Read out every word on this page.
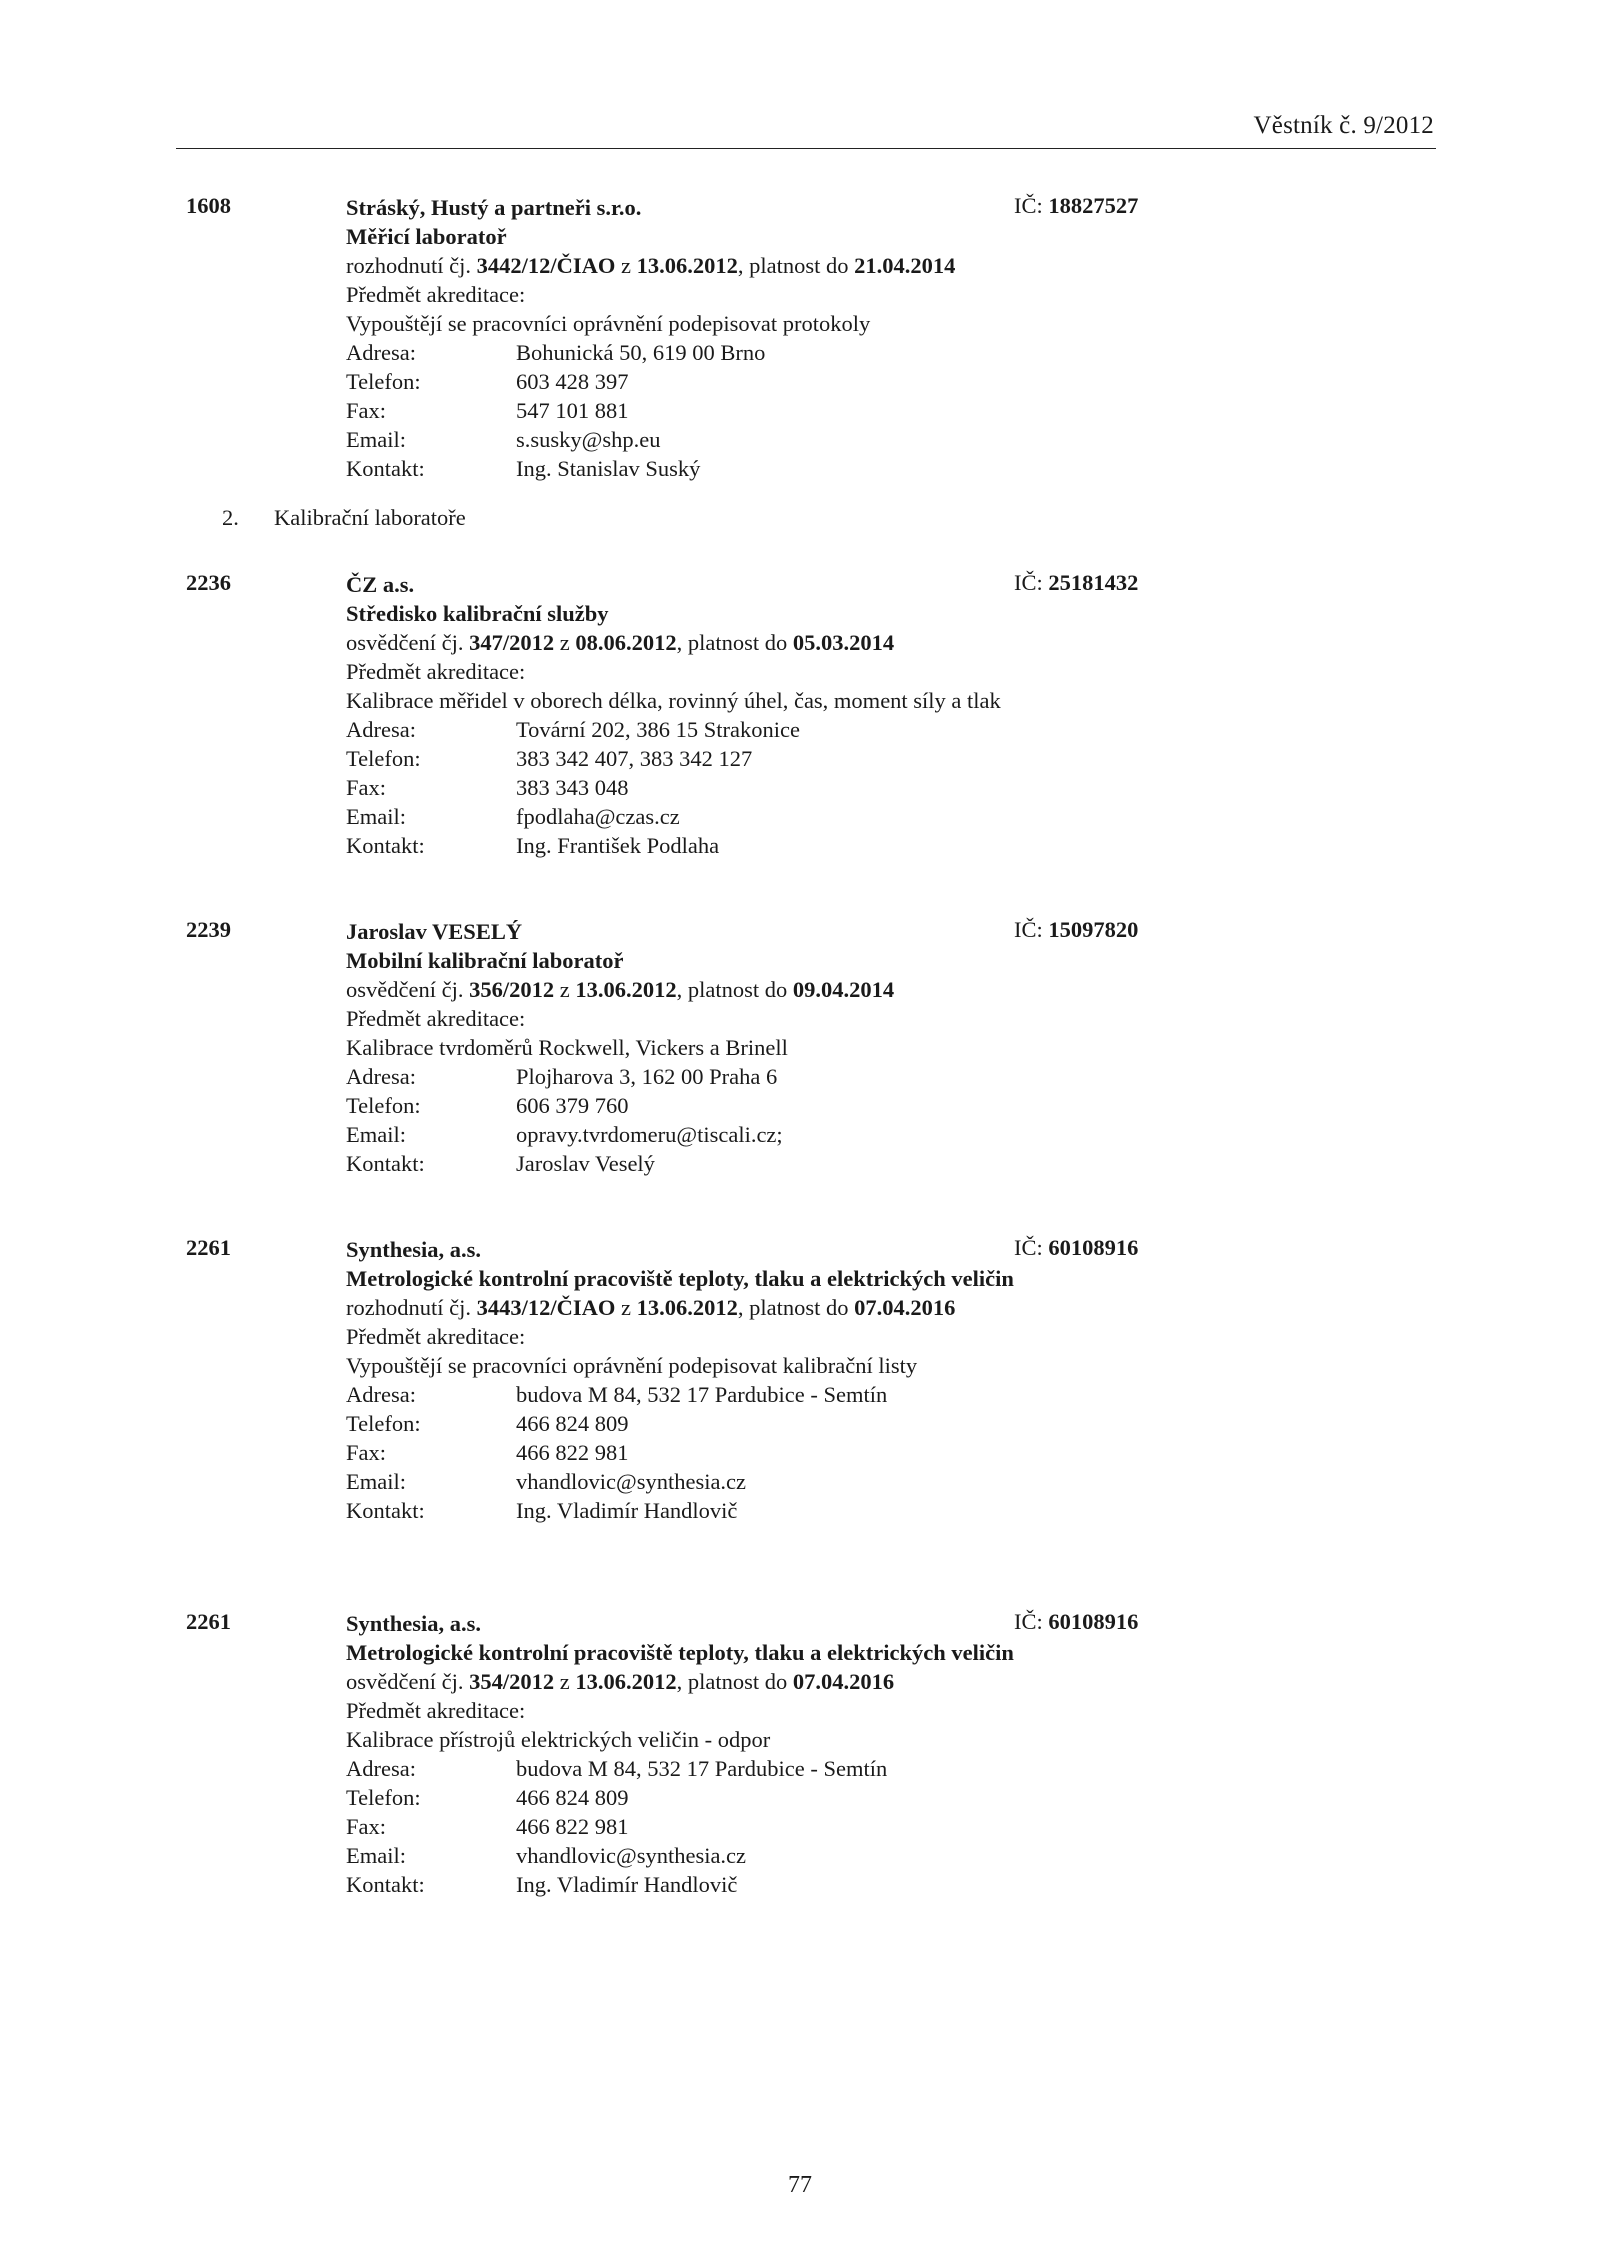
Věstník č. 9/2012
1608	IČ: 18827527
Stráský, Hustý a partneři s.r.o.
Měřicí laboratoř
rozhodnutí čj. 3442/12/ČIAO z 13.06.2012, platnost do 21.04.2014
Předmět akreditace:
Vypouštějí se pracovníci oprávnění podepisovat protokoly
Adresa:	Bohunická 50, 619 00 Brno
Telefon:	603 428 397
Fax:	547 101 881
Email:	s.susky@shp.eu
Kontakt:	Ing. Stanislav Suský
2. Kalibrační laboratoře
2236	IČ: 25181432
ČZ a.s.
Středisko kalibrační služby
osvědčení čj. 347/2012 z 08.06.2012, platnost do 05.03.2014
Předmět akreditace:
Kalibrace měřidel v oborech délka, rovinný úhel, čas, moment síly a tlak
Adresa:	Tovární 202, 386 15 Strakonice
Telefon:	383 342 407, 383 342 127
Fax:	383 343 048
Email:	fpodlaha@czas.cz
Kontakt:	Ing. František Podlaha
2239	IČ: 15097820
Jaroslav VESELÝ
Mobilní kalibrační laboratoř
osvědčení čj. 356/2012 z 13.06.2012, platnost do 09.04.2014
Předmět akreditace:
Kalibrace tvrdoměrů Rockwell, Vickers a Brinell
Adresa:	Plojharova 3, 162 00 Praha 6
Telefon:	606 379 760
Email:	opravy.tvrdomeru@tiscali.cz;
Kontakt:	Jaroslav Veselý
2261	IČ: 60108916
Synthesia, a.s.
Metrologické kontrolní pracoviště teploty, tlaku a elektrických veličin
rozhodnutí čj. 3443/12/ČIAO z 13.06.2012, platnost do 07.04.2016
Předmět akreditace:
Vypouštějí se pracovníci oprávnění podepisovat kalibrační listy
Adresa:	budova M 84, 532 17 Pardubice - Semtín
Telefon:	466 824 809
Fax:	466 822 981
Email:	vhandlovic@synthesia.cz
Kontakt:	Ing. Vladimír Handlovič
2261	IČ: 60108916
Synthesia, a.s.
Metrologické kontrolní pracoviště teploty, tlaku a elektrických veličin
osvědčení čj. 354/2012 z 13.06.2012, platnost do 07.04.2016
Předmět akreditace:
Kalibrace přístrojů elektrických veličin - odpor
Adresa:	budova M 84, 532 17 Pardubice - Semtín
Telefon:	466 824 809
Fax:	466 822 981
Email:	vhandlovic@synthesia.cz
Kontakt:	Ing. Vladimír Handlovič
77
